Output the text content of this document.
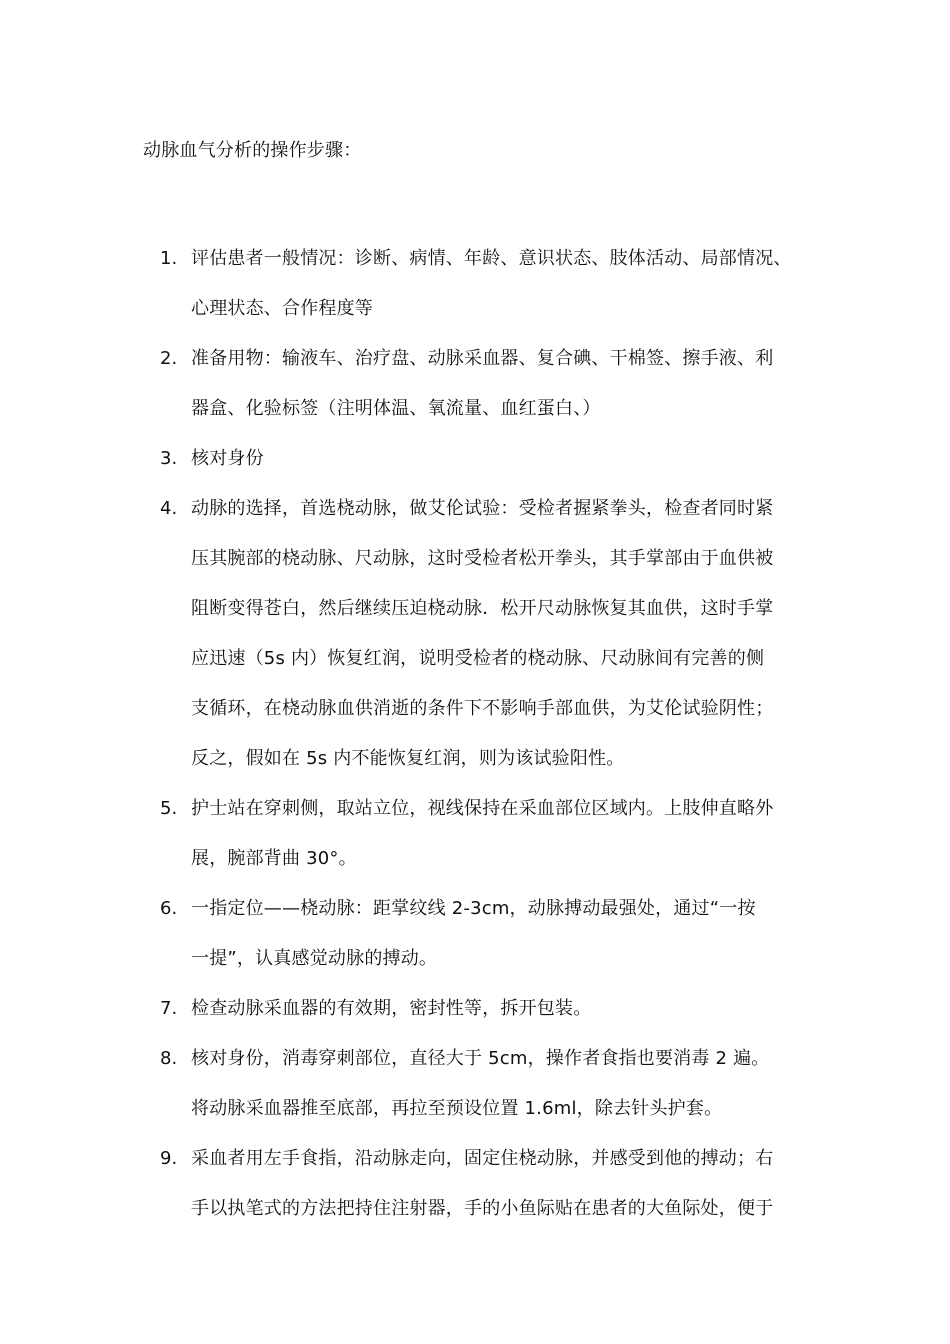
动脉血气分析的操作步骤：
1. 评估患者一般情况：诊断、病情、年龄、意识状态、肢体活动、局部情况、
心理状态、合作程度等
2. 准备用物：输液车、治疗盘、动脉采血器、复合碘、干棉签、擦手液、利
器盒、化验标签（注明体温、氧流量、血红蛋白、）
3. 核对身份
4. 动脉的选择，首选桡动脉，做艾伦试验：受检者握紧拳头，检查者同时紧
压其腕部的桡动脉、尺动脉，这时受检者松开拳头，其手掌部由于血供被
阻断变得苍白，然后继续压迫桡动脉．松开尺动脉恢复其血供，这时手掌
应迅速（5s 内）恢复红润，说明受检者的桡动脉、尺动脉间有完善的侧
支循环，在桡动脉血供消逝的条件下不影响手部血供，为艾伦试验阴性；
反之，假如在 5s 内不能恢复红润，则为该试验阳性。
5. 护士站在穿刺侧，取站立位，视线保持在采血部位区域内。上肢伸直略外
展，腕部背曲 30°。
6. 一指定位——桡动脉：距掌纹线 2-3cm，动脉搏动最强处，通过“一按
一提”，认真感觉动脉的搏动。
7. 检查动脉采血器的有效期，密封性等，拆开包装。
8. 核对身份，消毒穿刺部位，直径大于 5cm，操作者食指也要消毒 2 遍。
将动脉采血器推至底部，再拉至预设位置 1.6ml，除去针头护套。
9. 采血者用左手食指，沿动脉走向，固定住桡动脉，并感受到他的搏动；右
手以执笔式的方法把持住注射器，手的小鱼际贴在患者的大鱼际处，便于
